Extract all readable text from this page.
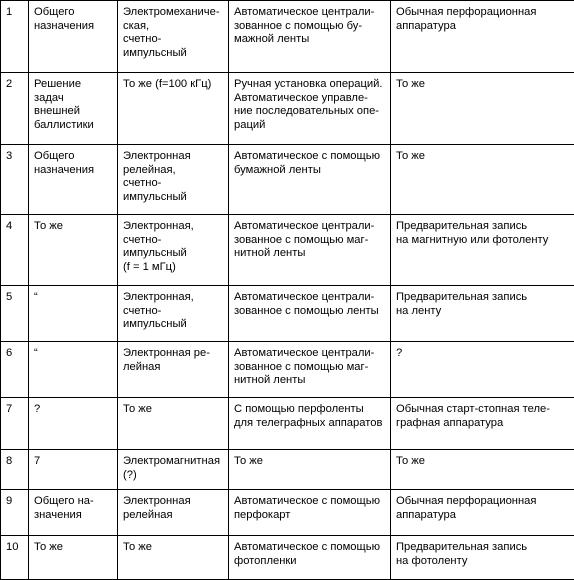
1	Общего
назначения	Электромеханиче-
ская,
счетно-
импульсный	Автоматическое централи-
зованное с помощью бу-
мажной ленты	Обычная перфорационная
аппаратура
2	Решение
задач
внешней
баллистики	То же (f=100 кГц)	Ручная установка операций.
Автоматическое управле-
ние последовательных опе-
раций	То же
3	Общего
назначения	Электронная
релейная,
счетно-
импульсный	Автоматическое с помощью
бумажной ленты	То же
4	То же	Электронная,
счетно-
импульсный
(f = 1 мГц)	Автоматическое централи-
зованное с помощью маг-
нитной ленты	Предварительная запись
на магнитную или фотоленту
5	“	Электронная,
счетно-
импульсный	Автоматическое централи-
зованное с помощью ленты	Предварительная запись
на ленту
6	“	Электронная ре-
лейная	Автоматическое централи-
зованное с помощью маг-
нитной ленты	?
7	?	То же	С помощью перфоленты
для телеграфных аппаратов	Обычная старт-стопная теле-
графная аппаратура
8	7	Электромагнитная
(?)	То же	То же
9	Общего на-
значения	Электронная
релейная	Автоматическое с помощью
перфокарт	Обычная перфорационная
аппаратура
10	То же	То же	Автоматическое с помощью
фотопленки	Предварительная запись
на фотоленту
